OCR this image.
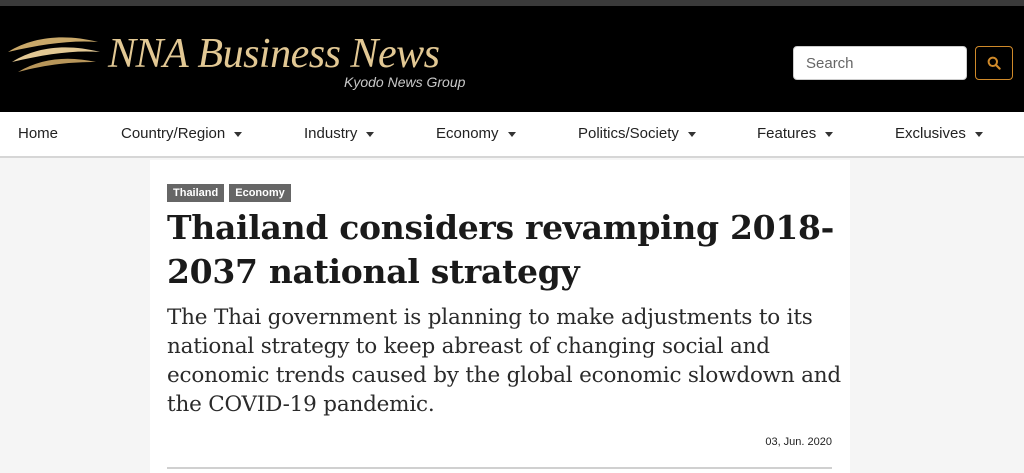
NNA Business News
Kyodo News Group
Search
Home	Country/Region	Industry	Economy	Politics/Society	Features	Exclusives
Thailand	Economy
Thailand considers revamping 2018-2037 national strategy

The Thai government is planning to make adjustments to its national strategy to keep abreast of changing social and economic trends caused by the global economic slowdown and the COVID-19 pandemic.

03, Jun. 2020
